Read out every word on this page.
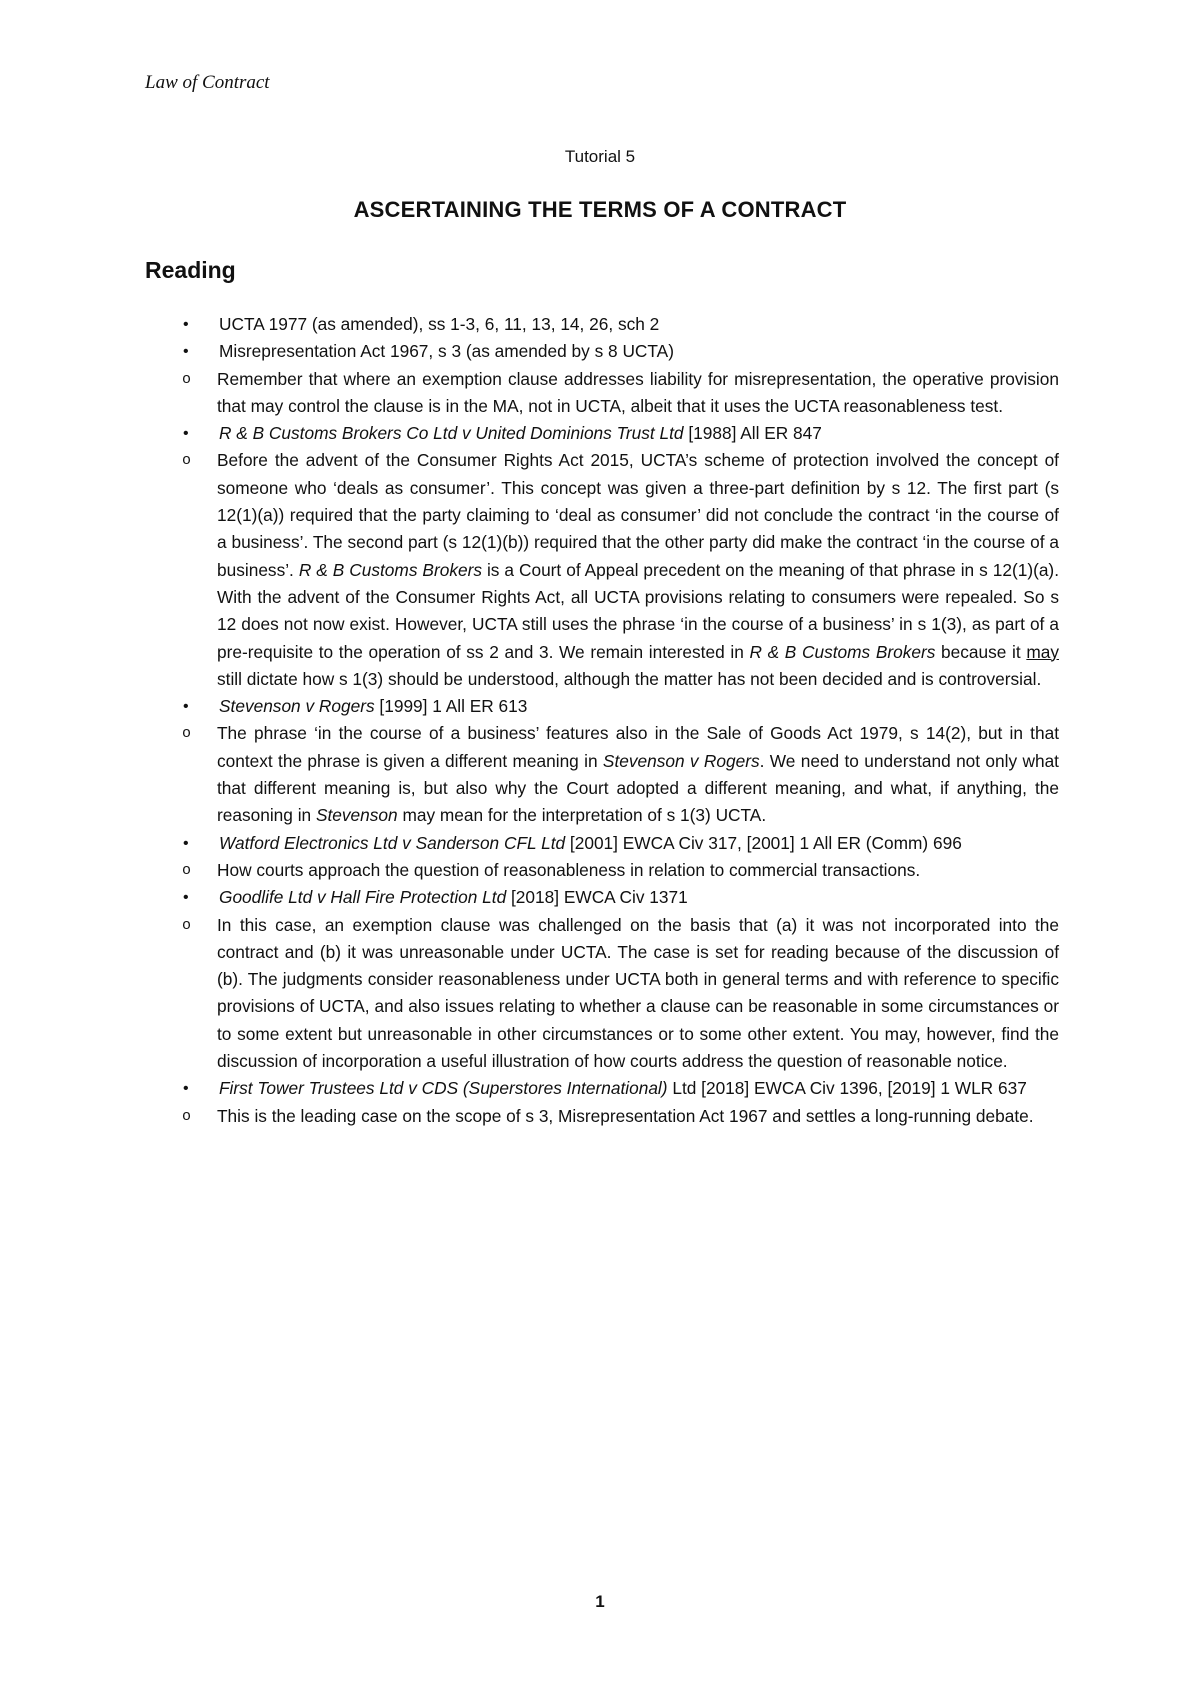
Law of Contract
Tutorial 5
ASCERTAINING THE TERMS OF A CONTRACT
Reading
• UCTA 1977 (as amended), ss 1-3, 6, 11, 13, 14, 26, sch 2
• Misrepresentation Act 1967, s 3 (as amended by s 8 UCTA)
o Remember that where an exemption clause addresses liability for misrepresentation, the operative provision that may control the clause is in the MA, not in UCTA, albeit that it uses the UCTA reasonableness test.
• R & B Customs Brokers Co Ltd v United Dominions Trust Ltd [1988] All ER 847
o Before the advent of the Consumer Rights Act 2015, UCTA’s scheme of protection involved the concept of someone who ‘deals as consumer’. This concept was given a three-part definition by s 12. The first part (s 12(1)(a)) required that the party claiming to ‘deal as consumer’ did not conclude the contract ‘in the course of a business’. The second part (s 12(1)(b)) required that the other party did make the contract ‘in the course of a business’. R & B Customs Brokers is a Court of Appeal precedent on the meaning of that phrase in s 12(1)(a). With the advent of the Consumer Rights Act, all UCTA provisions relating to consumers were repealed. So s 12 does not now exist. However, UCTA still uses the phrase ‘in the course of a business’ in s 1(3), as part of a pre-requisite to the operation of ss 2 and 3. We remain interested in R & B Customs Brokers because it may still dictate how s 1(3) should be understood, although the matter has not been decided and is controversial.
• Stevenson v Rogers [1999] 1 All ER 613
o The phrase ‘in the course of a business’ features also in the Sale of Goods Act 1979, s 14(2), but in that context the phrase is given a different meaning in Stevenson v Rogers. We need to understand not only what that different meaning is, but also why the Court adopted a different meaning, and what, if anything, the reasoning in Stevenson may mean for the interpretation of s 1(3) UCTA.
• Watford Electronics Ltd v Sanderson CFL Ltd [2001] EWCA Civ 317, [2001] 1 All ER (Comm) 696
o How courts approach the question of reasonableness in relation to commercial transactions.
• Goodlife Ltd v Hall Fire Protection Ltd [2018] EWCA Civ 1371
o In this case, an exemption clause was challenged on the basis that (a) it was not incorporated into the contract and (b) it was unreasonable under UCTA. The case is set for reading because of the discussion of (b). The judgments consider reasonableness under UCTA both in general terms and with reference to specific provisions of UCTA, and also issues relating to whether a clause can be reasonable in some circumstances or to some extent but unreasonable in other circumstances or to some other extent. You may, however, find the discussion of incorporation a useful illustration of how courts address the question of reasonable notice.
• First Tower Trustees Ltd v CDS (Superstores International) Ltd [2018] EWCA Civ 1396, [2019] 1 WLR 637
o This is the leading case on the scope of s 3, Misrepresentation Act 1967 and settles a long-running debate.
1
